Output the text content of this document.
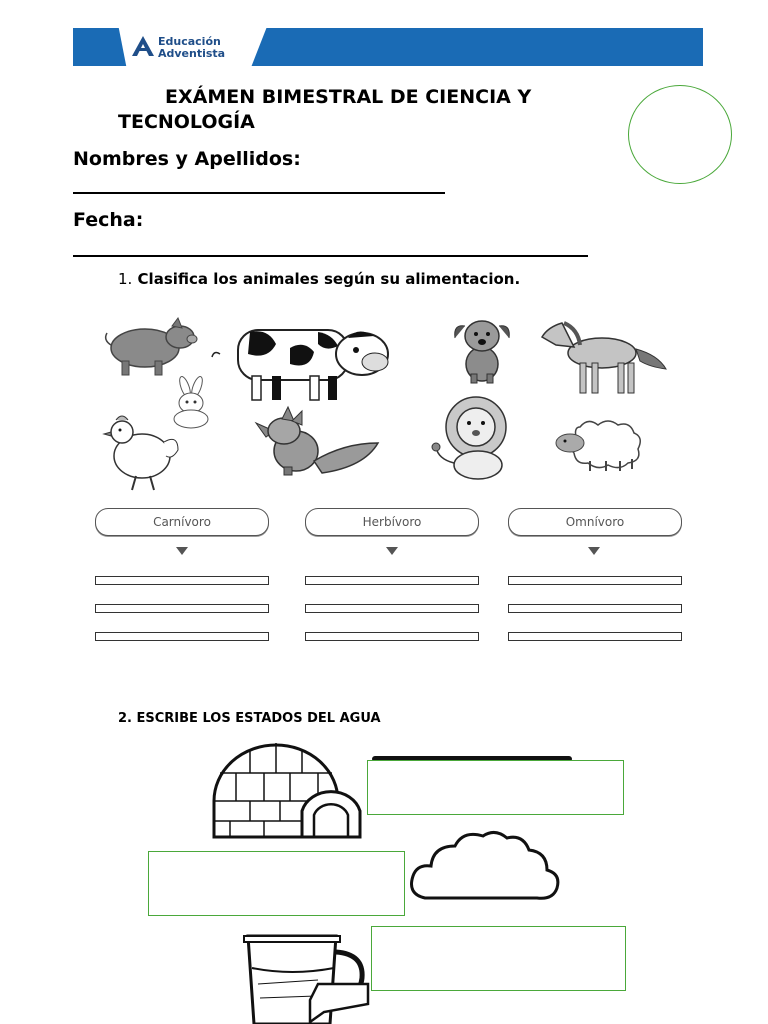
Educación
Adventista
EXÁMEN BIMESTRAL DE CIENCIA Y
TECNOLOGÍA
Nombres y Apellidos:
Fecha:
1. Clasifica los animales según su alimentacion.
Carnívoro	Herbívoro	Omnívoro
2. ESCRIBE LOS ESTADOS DEL AGUA
